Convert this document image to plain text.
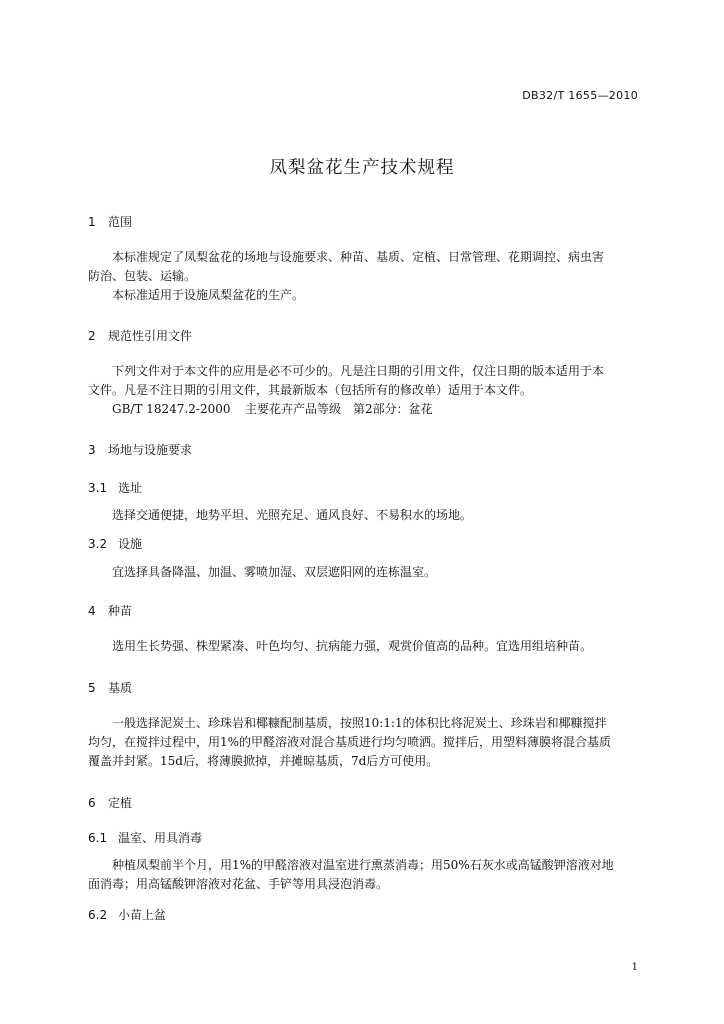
DB32/T 1655—2010
凤梨盆花生产技术规程
1 范围
本标准规定了凤梨盆花的场地与设施要求、种苗、基质、定植、日常管理、花期调控、病虫害
防治、包装、运输。
本标准适用于设施凤梨盆花的生产。
2 规范性引用文件
下列文件对于本文件的应用是必不可少的。凡是注日期的引用文件，仅注日期的版本适用于本
文件。凡是不注日期的引用文件，其最新版本（包括所有的修改单）适用于本文件。
GB/T 18247.2-2000 主要花卉产品等级　第2部分：盆花
3 场地与设施要求
3.1 选址
选择交通便捷，地势平坦、光照充足、通风良好、不易积水的场地。
3.2 设施
宜选择具备降温、加温、雾喷加湿、双层遮阳网的连栋温室。
4 种苗
选用生长势强、株型紧凑、叶色均匀、抗病能力强，观赏价值高的品种。宜选用组培种苗。
5 基质
一般选择泥炭土、珍珠岩和椰糠配制基质，按照10:1:1的体积比将泥炭土、珍珠岩和椰糠搅拌
均匀，在搅拌过程中，用1%的甲醛溶液对混合基质进行均匀喷洒。搅拌后，用塑料薄膜将混合基质
覆盖并封紧。15d后，将薄膜掀掉，并摊晾基质，7d后方可使用。
6 定植
6.1 温室、用具消毒
种植凤梨前半个月，用1%的甲醛溶液对温室进行熏蒸消毒；用50%石灰水或高锰酸钾溶液对地
面消毒；用高锰酸钾溶液对花盆、手铲等用具浸泡消毒。
6.2 小苗上盆
1
